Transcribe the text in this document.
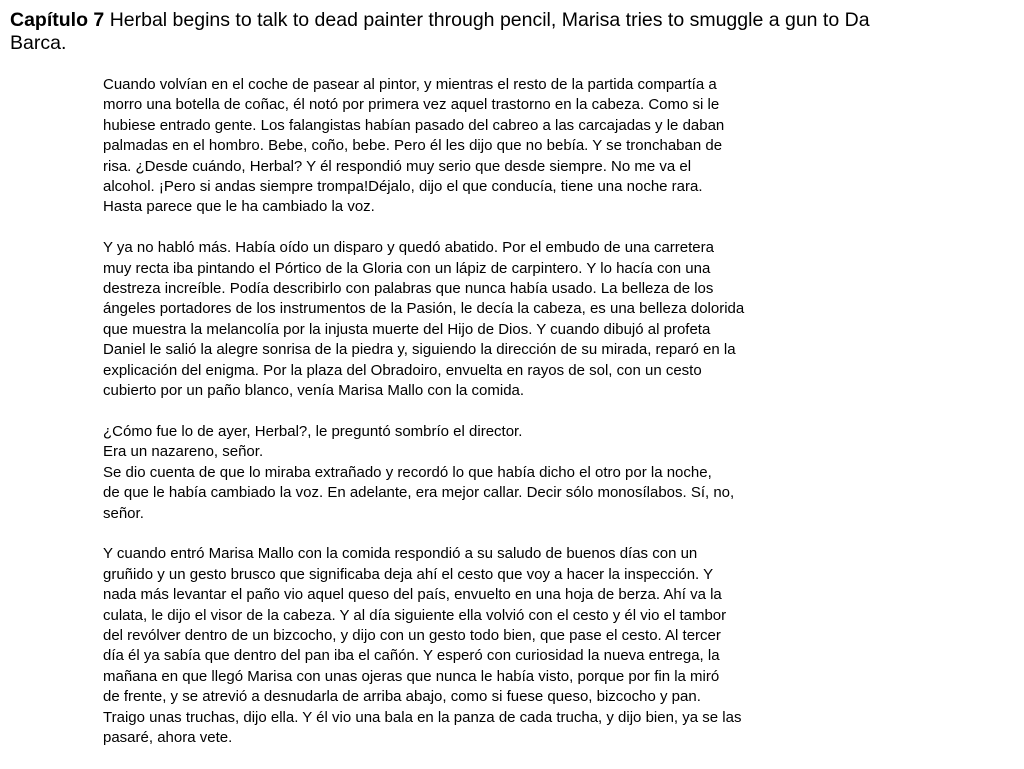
Capítulo 7 Herbal begins to talk to dead painter through pencil, Marisa tries to smuggle a gun to Da
Barca.

Cuando volvían en el coche de pasear al pintor, y mientras el resto de la partida compartía a
morro una botella de coñac, él notó por primera vez aquel trastorno en la cabeza. Como si le
hubiese entrado gente. Los falangistas habían pasado del cabreo a las carcajadas y le daban
palmadas en el hombro. Bebe, coño, bebe. Pero él les dijo que no bebía. Y se tronchaban de
risa. ¿Desde cuándo, Herbal? Y él respondió muy serio que desde siempre. No me va el
alcohol. ¡Pero si andas siempre trompa!Déjalo, dijo el que conducía, tiene una noche rara.
Hasta parece que le ha cambiado la voz.

Y ya no habló más. Había oído un disparo y quedó abatido. Por el embudo de una carretera
muy recta iba pintando el Pórtico de la Gloria con un lápiz de carpintero. Y lo hacía con una
destreza increíble. Podía describirlo con palabras que nunca había usado. La belleza de los
ángeles portadores de los instrumentos de la Pasión, le decía la cabeza, es una belleza dolorida
que muestra la melancolía por la injusta muerte del Hijo de Dios. Y cuando dibujó al profeta
Daniel le salió la alegre sonrisa de la piedra y, siguiendo la dirección de su mirada, reparó en la
explicación del enigma. Por la plaza del Obradoiro, envuelta en rayos de sol, con un cesto
cubierto por un paño blanco, venía Marisa Mallo con la comida.

¿Cómo fue lo de ayer, Herbal?, le preguntó sombrío el director.
Era un nazareno, señor.
Se dio cuenta de que lo miraba extrañado y recordó lo que había dicho el otro por la noche,
de que le había cambiado la voz. En adelante, era mejor callar. Decir sólo monosílabos. Sí, no,
señor.

Y cuando entró Marisa Mallo con la comida respondió a su saludo de buenos días con un
gruñido y un gesto brusco que significaba deja ahí el cesto que voy a hacer la inspección. Y
nada más levantar el paño vio aquel queso del país, envuelto en una hoja de berza. Ahí va la
culata, le dijo el visor de la cabeza. Y al día siguiente ella volvió con el cesto y él vio el tambor
del revólver dentro de un bizcocho, y dijo con un gesto todo bien, que pase el cesto. Al tercer
día él ya sabía que dentro del pan iba el cañón. Y esperó con curiosidad la nueva entrega, la
mañana en que llegó Marisa con unas ojeras que nunca le había visto, porque por fin la miró
de frente, y se atrevió a desnudarla de arriba abajo, como si fuese queso, bizcocho y pan.
Traigo unas truchas, dijo ella. Y él vio una bala en la panza de cada trucha, y dijo bien, ya se las
pasaré, ahora vete.
